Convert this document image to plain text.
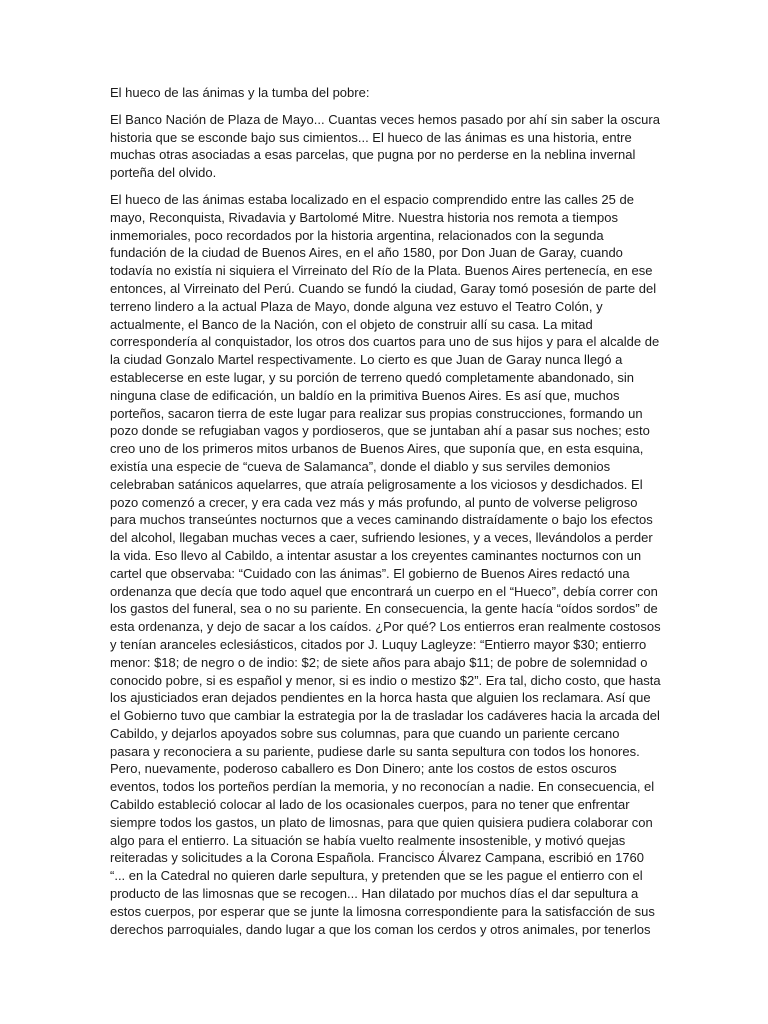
El hueco de las ánimas y la tumba del pobre:

El Banco Nación de Plaza de Mayo... Cuantas veces hemos pasado por ahí sin saber la oscura historia que se esconde bajo sus cimientos... El hueco de las ánimas es una historia, entre muchas otras asociadas a esas parcelas, que pugna por no perderse en la neblina invernal porteña del olvido.

El hueco de las ánimas estaba localizado en el espacio comprendido entre las calles 25 de mayo, Reconquista, Rivadavia y Bartolomé Mitre. Nuestra historia nos remota a tiempos inmemoriales, poco recordados por la historia argentina, relacionados con la segunda fundación de la ciudad de Buenos Aires, en el año 1580, por Don Juan de Garay, cuando todavía no existía ni siquiera el Virreinato del Río de la Plata. Buenos Aires pertenecía, en ese entonces, al Virreinato del Perú. Cuando se fundó la ciudad, Garay tomó posesión de parte del terreno lindero a la actual Plaza de Mayo, donde alguna vez estuvo el Teatro Colón, y actualmente, el Banco de la Nación, con el objeto de construir allí su casa. La mitad correspondería al conquistador, los otros dos cuartos para uno de sus hijos y para el alcalde de la ciudad Gonzalo Martel respectivamente. Lo cierto es que Juan de Garay nunca llegó a establecerse en este lugar, y su porción de terreno quedó completamente abandonado, sin ninguna clase de edificación, un baldío en la primitiva Buenos Aires. Es así que, muchos porteños, sacaron tierra de este lugar para realizar sus propias construcciones, formando un pozo donde se refugiaban vagos y pordioseros, que se juntaban ahí a pasar sus noches; esto creo uno de los primeros mitos urbanos de Buenos Aires, que suponía que, en esta esquina, existía una especie de “cueva de Salamanca”, donde el diablo y sus serviles demonios celebraban satánicos aquelarres, que atraía peligrosamente a los viciosos y desdichados. El pozo comenzó a crecer, y era cada vez más y más profundo, al punto de volverse peligroso para muchos transeúntes nocturnos que a veces caminando distraídamente o bajo los efectos del alcohol, llegaban muchas veces a caer, sufriendo lesiones, y a veces, llevándolos a perder la vida. Eso llevo al Cabildo, a intentar asustar a los creyentes caminantes nocturnos con un cartel que observaba: “Cuidado con las ánimas”. El gobierno de Buenos Aires redactó una ordenanza que decía que todo aquel que encontrará un cuerpo en el “Hueco”, debía correr con los gastos del funeral, sea o no su pariente. En consecuencia, la gente hacía “oídos sordos” de esta ordenanza, y dejo de sacar a los caídos. ¿Por qué? Los entierros eran realmente costosos y tenían aranceles eclesiásticos, citados por J. Luquy Lagleyze: “Entierro mayor $30; entierro menor: $18; de negro o de indio: $2; de siete años para abajo $11; de pobre de solemnidad o conocido pobre, si es español y menor, si es indio o mestizo $2”. Era tal, dicho costo, que hasta los ajusticiados eran dejados pendientes en la horca hasta que alguien los reclamara. Así que el Gobierno tuvo que cambiar la estrategia por la de trasladar los cadáveres hacia la arcada del Cabildo, y dejarlos apoyados sobre sus columnas, para que cuando un pariente cercano pasara y reconociera a su pariente, pudiese darle su santa sepultura con todos los honores. Pero, nuevamente, poderoso caballero es Don Dinero; ante los costos de estos oscuros eventos, todos los porteños perdían la memoria, y no reconocían a nadie. En consecuencia, el Cabildo estableció colocar al lado de los ocasionales cuerpos, para no tener que enfrentar siempre todos los gastos, un plato de limosnas, para que quien quisiera pudiera colaborar con algo para el entierro. La situación se había vuelto realmente insostenible, y motivó quejas reiteradas y solicitudes a la Corona Española. Francisco Álvarez Campana, escribió en 1760 “... en la Catedral no quieren darle sepultura, y pretenden que se les pague el entierro con el producto de las limosnas que se recogen... Han dilatado por muchos días el dar sepultura a estos cuerpos, por esperar que se junte la limosna correspondiente para la satisfacción de sus derechos parroquiales, dando lugar a que los coman los cerdos y otros animales, por tenerlos
